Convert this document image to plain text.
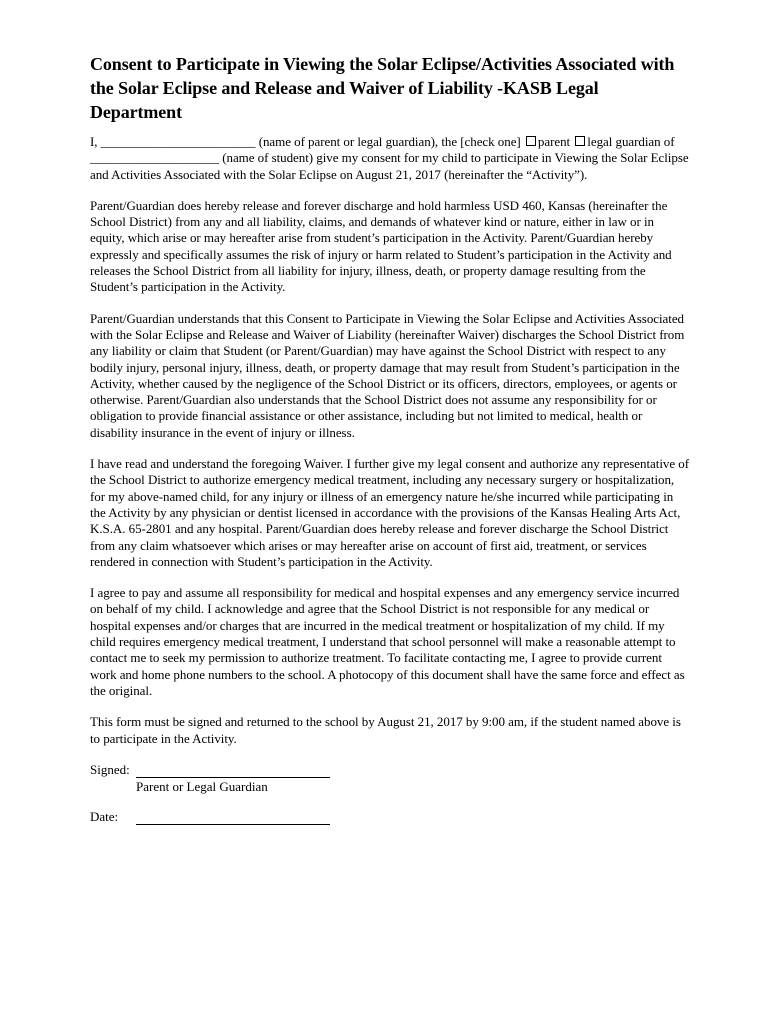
Consent to Participate in Viewing the Solar Eclipse/Activities Associated with the Solar Eclipse and Release and Waiver of Liability -KASB Legal Department

I, ________________________ (name of parent or legal guardian), the [check one] parent legal guardian of ____________________ (name of student) give my consent for my child to participate in Viewing the Solar Eclipse and Activities Associated with the Solar Eclipse on August 21, 2017 (hereinafter the “Activity”).

Parent/Guardian does hereby release and forever discharge and hold harmless USD 460, Kansas (hereinafter the School District) from any and all liability, claims, and demands of whatever kind or nature, either in law or in equity, which arise or may hereafter arise from student’s participation in the Activity. Parent/Guardian hereby expressly and specifically assumes the risk of injury or harm related to Student’s participation in the Activity and releases the School District from all liability for injury, illness, death, or property damage resulting from the Student’s participation in the Activity.

Parent/Guardian understands that this Consent to Participate in Viewing the Solar Eclipse and Activities Associated with the Solar Eclipse and Release and Waiver of Liability (hereinafter Waiver) discharges the School District from any liability or claim that Student (or Parent/Guardian) may have against the School District with respect to any bodily injury, personal injury, illness, death, or property damage that may result from Student’s participation in the Activity, whether caused by the negligence of the School District or its officers, directors, employees, or agents or otherwise. Parent/Guardian also understands that the School District does not assume any responsibility for or obligation to provide financial assistance or other assistance, including but not limited to medical, health or disability insurance in the event of injury or illness.

I have read and understand the foregoing Waiver. I further give my legal consent and authorize any representative of the School District to authorize emergency medical treatment, including any necessary surgery or hospitalization, for my above-named child, for any injury or illness of an emergency nature he/she incurred while participating in the Activity by any physician or dentist licensed in accordance with the provisions of the Kansas Healing Arts Act, K.S.A. 65-2801 and any hospital. Parent/Guardian does hereby release and forever discharge the School District from any claim whatsoever which arises or may hereafter arise on account of first aid, treatment, or services rendered in connection with Student’s participation in the Activity.

I agree to pay and assume all responsibility for medical and hospital expenses and any emergency service incurred on behalf of my child. I acknowledge and agree that the School District is not responsible for any medical or hospital expenses and/or charges that are incurred in the medical treatment or hospitalization of my child. If my child requires emergency medical treatment, I understand that school personnel will make a reasonable attempt to contact me to seek my permission to authorize treatment. To facilitate contacting me, I agree to provide current work and home phone numbers to the school. A photocopy of this document shall have the same force and effect as the original.

This form must be signed and returned to the school by August 21, 2017 by 9:00 am, if the student named above is to participate in the Activity.

Signed:
Parent or Legal Guardian
Date:
